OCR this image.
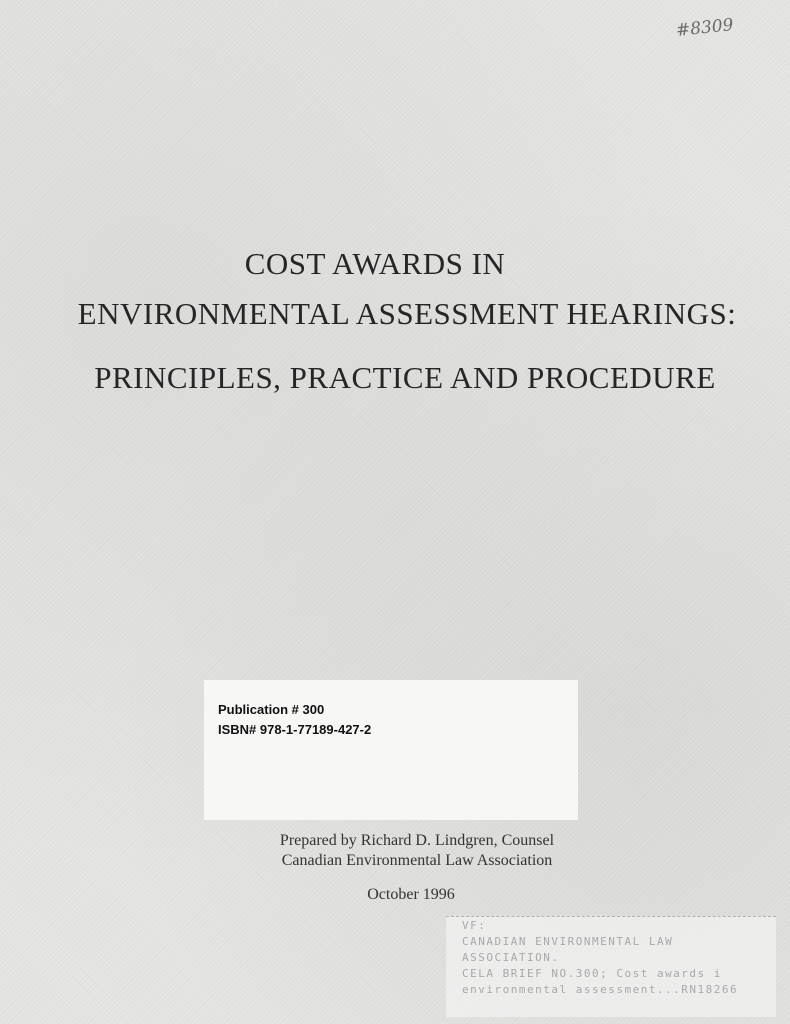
#8309
COST AWARDS IN
ENVIRONMENTAL ASSESSMENT HEARINGS:
PRINCIPLES, PRACTICE AND PROCEDURE
Publication # 300
ISBN# 978-1-77189-427-2
Prepared by Richard D. Lindgren, Counsel
Canadian Environmental Law Association
October 1996
VF:
CANADIAN ENVIRONMENTAL LAW
ASSOCIATION.
CELA BRIEF NO.300; Cost awards i
environmental assessment...RN18266
